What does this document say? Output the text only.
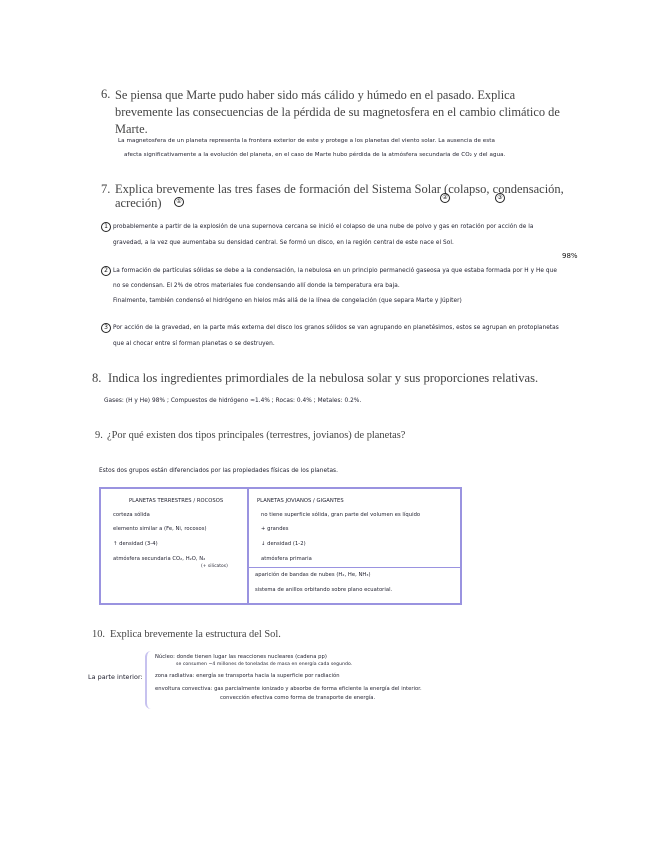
6. Se piensa que Marte pudo haber sido más cálido y húmedo en el pasado. Explica brevemente las consecuencias de la pérdida de su magnetosfera en el cambio climático de Marte.
La magnetosfera de un planeta representa la frontera exterior de este y protege a los planetas del viento solar. La ausencia de esta
afecta significativamente a la evolución del planeta, en el caso de Marte hubo pérdida de la atmósfera secundaria de CO₂ y del agua.
7. Explica brevemente las tres fases de formación del Sistema Solar (colapso, condensación,
acreción)	①
②	③
1 probablemente a partir de la explosión de una supernova cercana se inició el colapso de una nube de polvo y gas en rotación por acción de la
gravedad, a la vez que aumentaba su densidad central. Se formó un disco, en la región central de este nace el Sol.
98%
2 La formación de partículas sólidas se debe a la condensación, la nebulosa en un principio permaneció gaseosa ya que estaba formada por H y He que
no se condensan. El 2% de otros materiales fue condensando allí donde la temperatura era baja.
Finalmente, también condensó el hidrógeno en hielos más allá de la línea de congelación (que separa Marte y Júpiter)
3 Por acción de la gravedad, en la parte más externa del disco los granos sólidos se van agrupando en planetésimos, estos se agrupan en protoplanetas
que al chocar entre sí forman planetas o se destruyen.
8. Indica los ingredientes primordiales de la nebulosa solar y sus proporciones relativas.
Gases: (H y He) 98% ; Compuestos de hidrógeno ≈1.4% ; Rocas: 0.4% ; Metales: 0.2%.
9. ¿Por qué existen dos tipos principales (terrestres, jovianos) de planetas?
Estos dos grupos están diferenciados por las propiedades físicas de los planetas.
PLANETAS TERRESTRES / ROCOSOS
corteza sólida
elemento similar a (Fe, Ni, rocosos)
↑ densidad (3-4)
atmósfera secundaria CO₂, H₂O, N₂
(+ silicatos)
PLANETAS JOVIANOS / GIGANTES
no tiene superficie sólida, gran parte del volumen es líquido
+ grandes
↓ densidad (1-2)
atmósfera primaria
aparición de bandas de nubes (H₂, He, NH₃)
sistema de anillos orbitando sobre plano ecuatorial.
10. Explica brevemente la estructura del Sol.
La parte interior:
Núcleo: donde tienen lugar las reacciones nucleares (cadena pp)
se consumen ~4 millones de toneladas de masa en energía cada segundo.
zona radiativa: energía se transporta hacia la superficie por radiación
envoltura convectiva: gas parcialmente ionizado y absorbe de forma eficiente la energía del interior.
convección efectiva como forma de transporte de energía.
